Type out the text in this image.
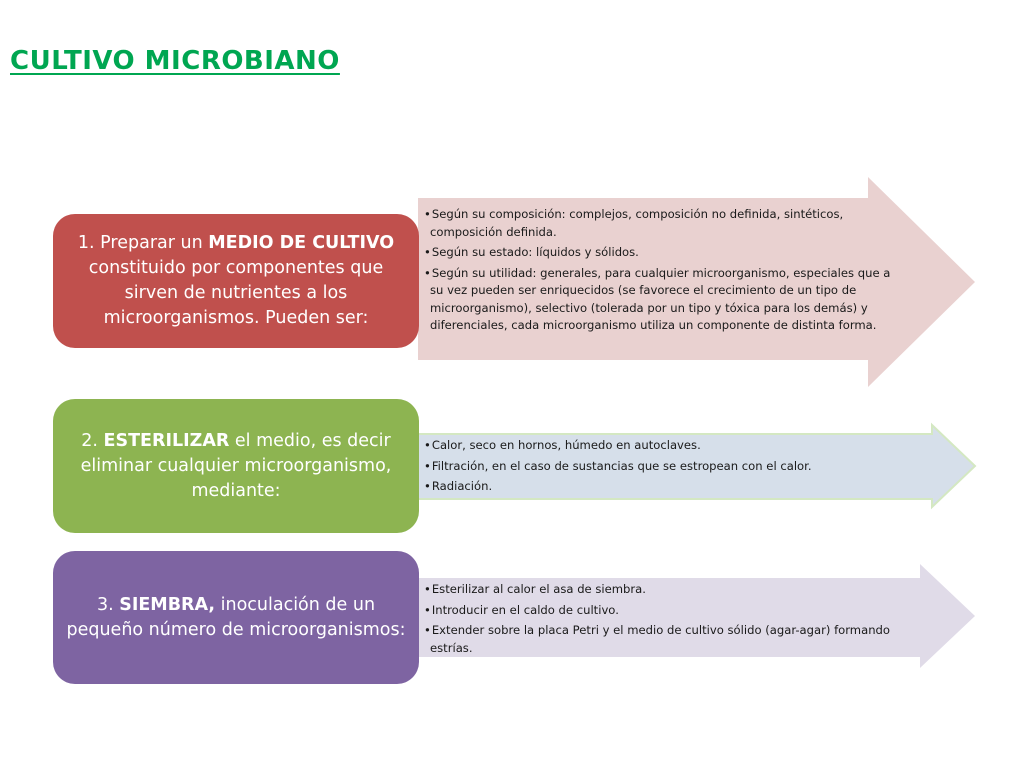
CULTIVO MICROBIANO
1. Preparar un MEDIO DE CULTIVO constituido por componentes que sirven de nutrientes a los microorganismos. Pueden ser:
2. ESTERILIZAR el medio, es decir eliminar cualquier microorganismo, mediante:
3. SIEMBRA, inoculación de un pequeño número de microorganismos:
• Según su composición: complejos, composición no definida, sintéticos, composición definida.
• Según su estado: líquidos y sólidos.
• Según su utilidad: generales, para cualquier microorganismo, especiales que a su vez pueden ser enriquecidos (se favorece el crecimiento de un tipo de microorganismo), selectivo (tolerada por un tipo y tóxica para los demás) y diferenciales, cada microorganismo utiliza un componente de distinta forma.
• Calor, seco en hornos, húmedo en autoclaves.
• Filtración, en el caso de sustancias que se estropean con el calor.
• Radiación.
• Esterilizar al calor el asa de siembra.
• Introducir en el caldo de cultivo.
• Extender sobre la placa Petri y el medio de cultivo sólido (agar-agar) formando estrías.
